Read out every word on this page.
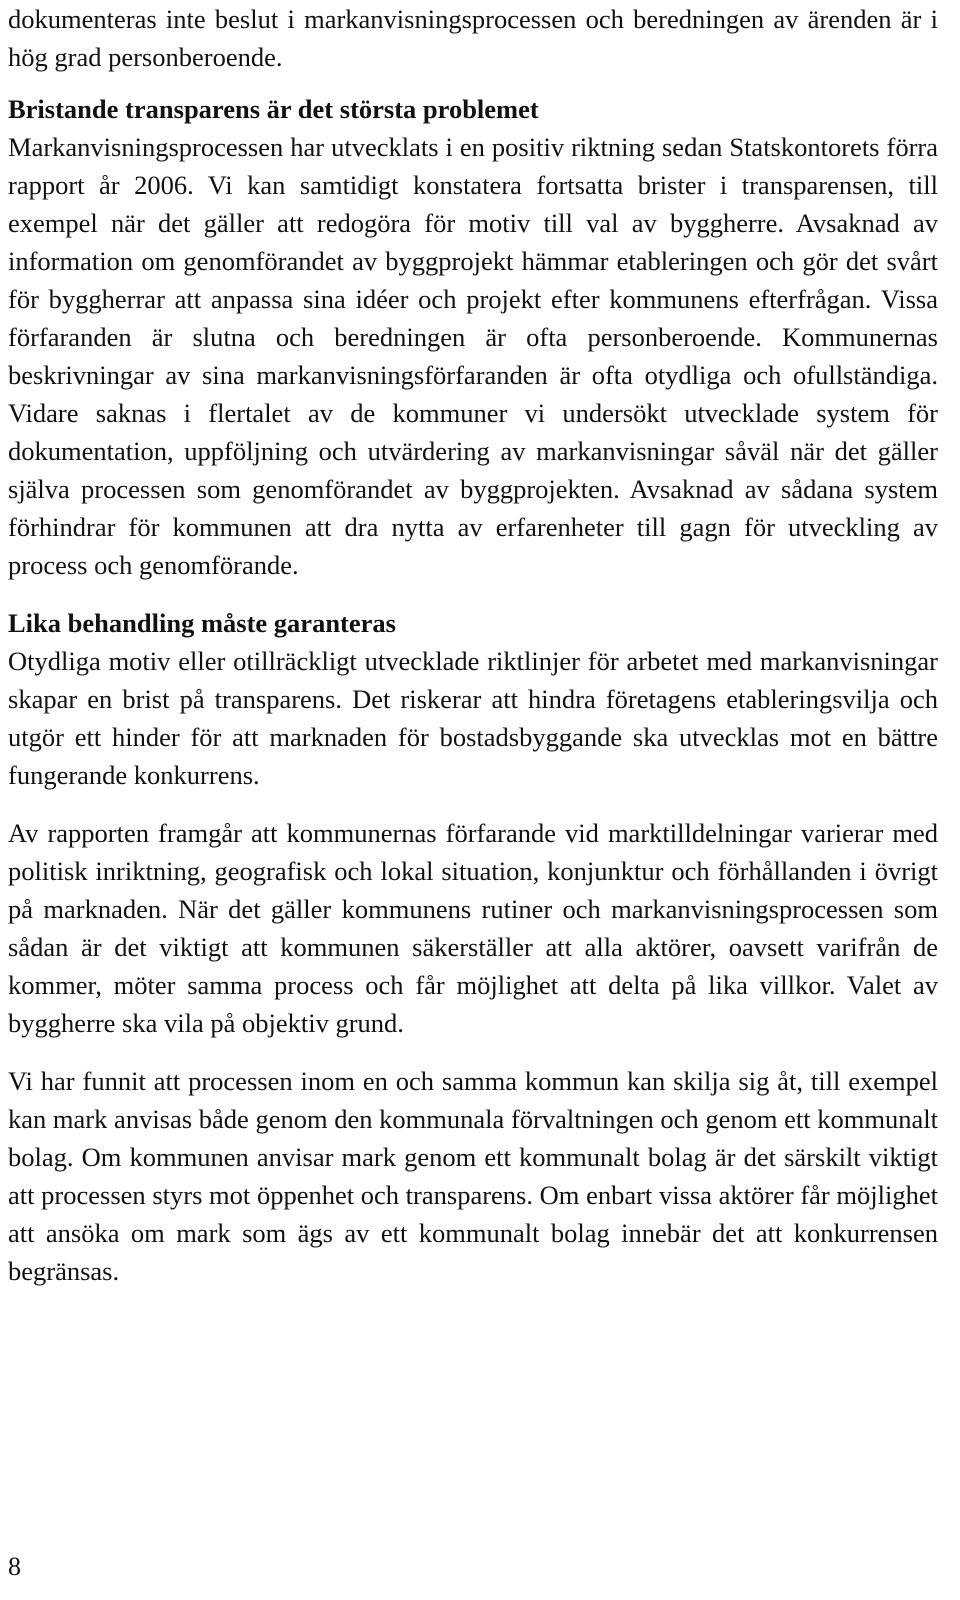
dokumenteras inte beslut i markanvisningsprocessen och beredningen av ärenden är i hög grad personberoende.

Bristande transparens är det största problemet

Markanvisningsprocessen har utvecklats i en positiv riktning sedan Statskontorets förra rapport år 2006. Vi kan samtidigt konstatera fortsatta brister i transparensen, till exempel när det gäller att redogöra för motiv till val av byggherre. Avsaknad av information om genomförandet av byggprojekt hämmar etableringen och gör det svårt för byggherrar att anpassa sina idéer och projekt efter kommunens efterfrågan. Vissa förfaranden är slutna och beredningen är ofta personberoende. Kommunernas beskrivningar av sina markanvisningsförfaranden är ofta otydliga och ofullständiga. Vidare saknas i flertalet av de kommuner vi undersökt utvecklade system för dokumentation, uppföljning och utvärdering av markanvisningar såväl när det gäller själva processen som genomförandet av byggprojekten. Avsaknad av sådana system förhindrar för kommunen att dra nytta av erfarenheter till gagn för utveckling av process och genomförande.

Lika behandling måste garanteras

Otydliga motiv eller otillräckligt utvecklade riktlinjer för arbetet med markanvisningar skapar en brist på transparens. Det riskerar att hindra företagens etableringsvilja och utgör ett hinder för att marknaden för bostadsbyggande ska utvecklas mot en bättre fungerande konkurrens.

Av rapporten framgår att kommunernas förfarande vid marktilldelningar varierar med politisk inriktning, geografisk och lokal situation, konjunktur och förhållanden i övrigt på marknaden. När det gäller kommunens rutiner och markanvisningsprocessen som sådan är det viktigt att kommunen säkerställer att alla aktörer, oavsett varifrån de kommer, möter samma process och får möjlighet att delta på lika villkor. Valet av byggherre ska vila på objektiv grund.

Vi har funnit att processen inom en och samma kommun kan skilja sig åt, till exempel kan mark anvisas både genom den kommunala förvaltningen och genom ett kommunalt bolag. Om kommunen anvisar mark genom ett kommunalt bolag är det särskilt viktigt att processen styrs mot öppenhet och transparens. Om enbart vissa aktörer får möjlighet att ansöka om mark som ägs av ett kommunalt bolag innebär det att konkurrensen begränsas.

8
